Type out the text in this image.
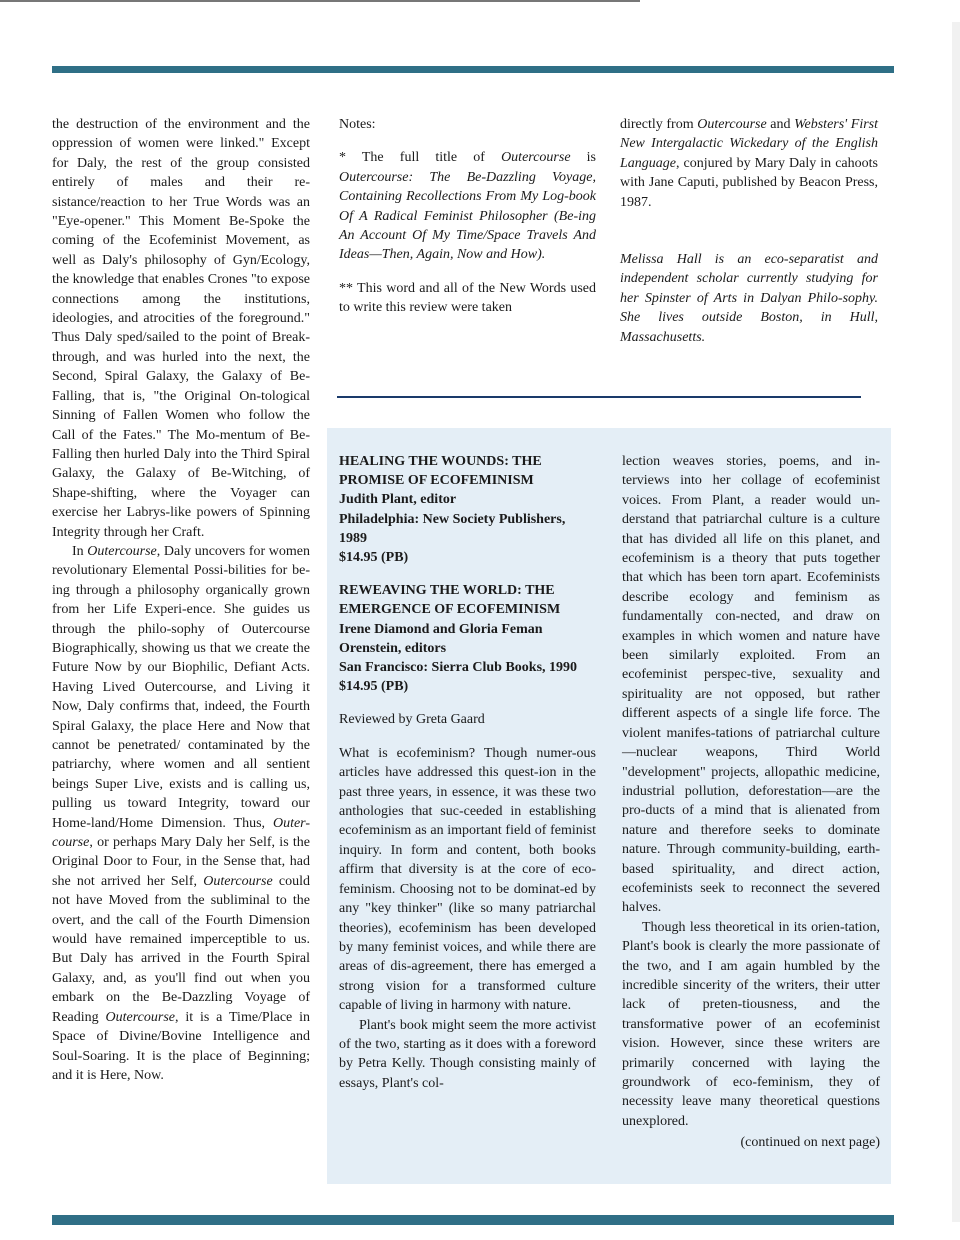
the destruction of the environment and the oppression of women were linked." Except for Daly, the rest of the group consisted entirely of males and their re-sistance/reaction to her True Words was an "Eye-opener." This Moment Be-Spoke the coming of the Ecofeminist Movement, as well as Daly's philosophy of Gyn/Ecology, the knowledge that enables Crones "to expose connections among the institutions, ideologies, and atrocities of the foreground." Thus Daly sped/sailed to the point of Break-through, and was hurled into the next, the Second, Spiral Galaxy, the Galaxy of Be-Falling, that is, "the Original On-tological Sinning of Fallen Women who follow the Call of the Fates." The Mo-mentum of Be-Falling then hurled Daly into the Third Spiral Galaxy, the Galaxy of Be-Witching, of Shape-shifting, where the Voyager can exercise her Labrys-like powers of Spinning Integrity through her Craft.

In Outercourse, Daly uncovers for women revolutionary Elemental Possi-bilities for be-ing through a philosophy organically grown from her Life Experi-ence. She guides us through the philo-sophy of Outercourse Biographically, showing us that we create the Future Now by our Biophilic, Defiant Acts. Having Lived Outercourse, and Living it Now, Daly confirms that, indeed, the Fourth Spiral Galaxy, the place Here and Now that cannot be penetrated/ contaminated by the patriarchy, where women and all sentient beings Super Live, exists and is calling us, pulling us toward Integrity, toward our Home-land/Home Dimension. Thus, Outer-course, or perhaps Mary Daly her Self, is the Original Door to Four, in the Sense that, had she not arrived her Self, Outercourse could not have Moved from the subliminal to the overt, and the call of the Fourth Dimension would have remained imperceptible to us. But Daly has arrived in the Fourth Spiral Galaxy, and, as you'll find out when you embark on the Be-Dazzling Voyage of Reading Outercourse, it is a Time/Place in Space of Divine/Bovine Intelligence and Soul-Soaring. It is the place of Beginning; and it is Here, Now.

Notes:

* The full title of Outercourse is Outercourse: The Be-Dazzling Voyage, Containing Recollections From My Log-book Of A Radical Feminist Philosopher (Be-ing An Account Of My Time/Space Travels And Ideas—Then, Again, Now and How).

** This word and all of the New Words used to write this review were taken

directly from Outercourse and Websters' First New Intergalactic Wickedary of the English Language, conjured by Mary Daly in cahoots with Jane Caputi, published by Beacon Press, 1987.

Melissa Hall is an eco-separatist and independent scholar currently studying for her Spinster of Arts in Dalyan Philo-sophy. She lives outside Boston, in Hull, Massachusetts.

HEALING THE WOUNDS: THE PROMISE OF ECOFEMINISM

Judith Plant, editor

Philadelphia: New Society Publishers, 1989

$14.95 (PB)

REWEAVING THE WORLD: THE EMERGENCE OF ECOFEMINISM

Irene Diamond and Gloria Feman Orenstein, editors

San Francisco: Sierra Club Books, 1990

$14.95 (PB)

Reviewed by Greta Gaard

What is ecofeminism? Though numer-ous articles have addressed this quest-ion in the past three years, in essence, it was these two anthologies that suc-ceeded in establishing ecofeminism as an important field of feminist inquiry. In form and content, both books affirm that diversity is at the core of eco-feminism. Choosing not to be dominat-ed by any "key thinker" (like so many patriarchal theories), ecofeminism has been developed by many feminist voices, and while there are areas of dis-agreement, there has emerged a strong vision for a transformed culture capable of living in harmony with nature.

Plant's book might seem the more activist of the two, starting as it does with a foreword by Petra Kelly. Though consisting mainly of essays, Plant's col-

lection weaves stories, poems, and in-terviews into her collage of ecofeminist voices. From Plant, a reader would un-derstand that patriarchal culture is a culture that has divided all life on this planet, and ecofeminism is a theory that puts together that which has been torn apart. Ecofeminists describe ecology and feminism as fundamentally con-nected, and draw on examples in which women and nature have been similarly exploited. From an ecofeminist perspec-tive, sexuality and spirituality are not opposed, but rather different aspects of a single life force. The violent manifes-tations of patriarchal culture—nuclear weapons, Third World "development" projects, allopathic medicine, industrial pollution, deforestation—are the pro-ducts of a mind that is alienated from nature and therefore seeks to dominate nature. Through community-building, earth-based spirituality, and direct action, ecofeminists seek to reconnect the severed halves.

Though less theoretical in its orien-tation, Plant's book is clearly the more passionate of the two, and I am again humbled by the incredible sincerity of the writers, their utter lack of preten-tiousness, and the transformative power of an ecofeminist vision. However, since these writers are primarily concerned with laying the groundwork of eco-feminism, they of necessity leave many theoretical questions unexplored.

(continued on next page)
